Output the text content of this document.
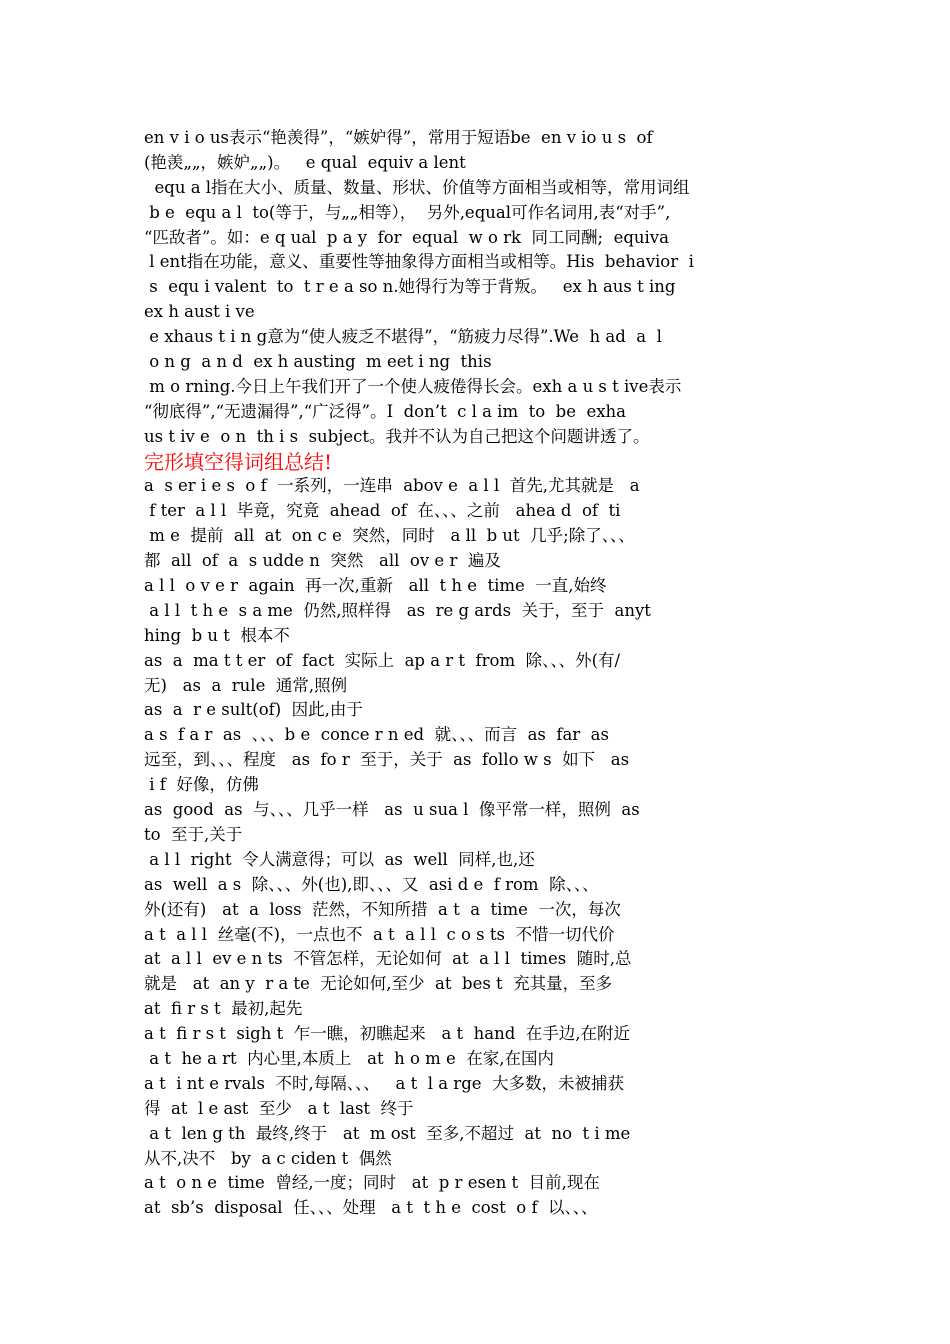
en v i o us表示“艳羡得”，“嫉妒得”，常用于短语be  en v io u s  of
(艳羡„„，嫉妒„„)。   e qual  equiv a lent
equ a l指在大小、质量、数量、形状、价值等方面相当或相等，常用词组
b e  equ a l  to(等于，与„„相等），  另外,equal可作名词用,表“对手”,
“匹敌者”。如：e q ual  p a y  for  equal  w o rk  同工同酬;  equiva
l ent指在功能，意义、重要性等抽象得方面相当或相等。His  behavior  i
s  equ i valent  to  t r e a so n.她得行为等于背叛。   ex h aus t ing
ex h aust i ve
e xhaus t i n g意为“使人疲乏不堪得”，“筋疲力尽得”.We  h ad  a  l
o n g  a n d  ex h austing  m eet i ng  this
m o rning.今日上午我们开了一个使人疲倦得长会。exh a u s t ive表示
“彻底得”,“无遗漏得”,“广泛得”。I  don’t  c l a im  to  be  exha
us t iv e  o n  th i s  subject。我并不认为自己把这个问题讲透了。
完形填空得词组总结!
a  s er i e s  o f  一系列，一连串  abov e  a l l  首先,尤其就是   a
f ter  a l l  毕竟，究竟  ahead  of  在、、、之前   ahea d  of  ti
m e  提前  all  at  on c e  突然，同时   a ll  b ut  几乎;除了、、、
都  all  of  a  s udde n  突然   all  ov e r  遍及
a l l  o v e r  again  再一次,重新   all  t h e  time  一直,始终
a l l  t h e  s a me  仍然,照样得   as  re g ards  关于，至于  anyt
hing  b u t  根本不
as  a  ma t t er  of  fact  实际上  ap a r t  from  除、、、外(有/
无)   as  a  rule  通常,照例
as  a  r e sult(of)  因此,由于
a s  f a r  as  、、、b e  conce r n ed  就、、、而言  as  far  as
远至，到、、、程度   as  fo r  至于，关于  as  follo w s  如下   as
i f  好像，仿佛
as  good  as  与、、、几乎一样   as  u sua l  像平常一样，照例  as
to  至于,关于
a l l  right  令人满意得；可以  as  well  同样,也,还
as  well  a s  除、、、外(也),即、、、又  asi d e  f rom  除、、、
外(还有)   at  a  loss  茫然，不知所措  a t  a  time  一次，每次
a t  a l l  丝毫(不)，一点也不  a t  a l l  c o s ts  不惜一切代价
at  a l l  ev e n ts  不管怎样，无论如何  at  a l l  times  随时,总
就是   at  an y  r a te  无论如何,至少  at  bes t  充其量，至多
at  fi r s t  最初,起先
a t  fi r s t  sigh t  乍一瞧，初瞧起来   a t  hand  在手边,在附近
a t  he a rt  内心里,本质上   at  h o m e  在家,在国内
a t  i nt e rvals  不时,每隔、、、   a t  l a rge  大多数，未被捕获
得  at  l e ast  至少   a t  last  终于
a t  len g th  最终,终于   at  m ost  至多,不超过  at  no  t i me
从不,决不   by  a c ciden t  偶然
a t  o n e  time  曾经,一度；同时   at  p r esen t  目前,现在
at  sb’s  disposal  任、、、处理   a t  t h e  cost  o f  以、、、
